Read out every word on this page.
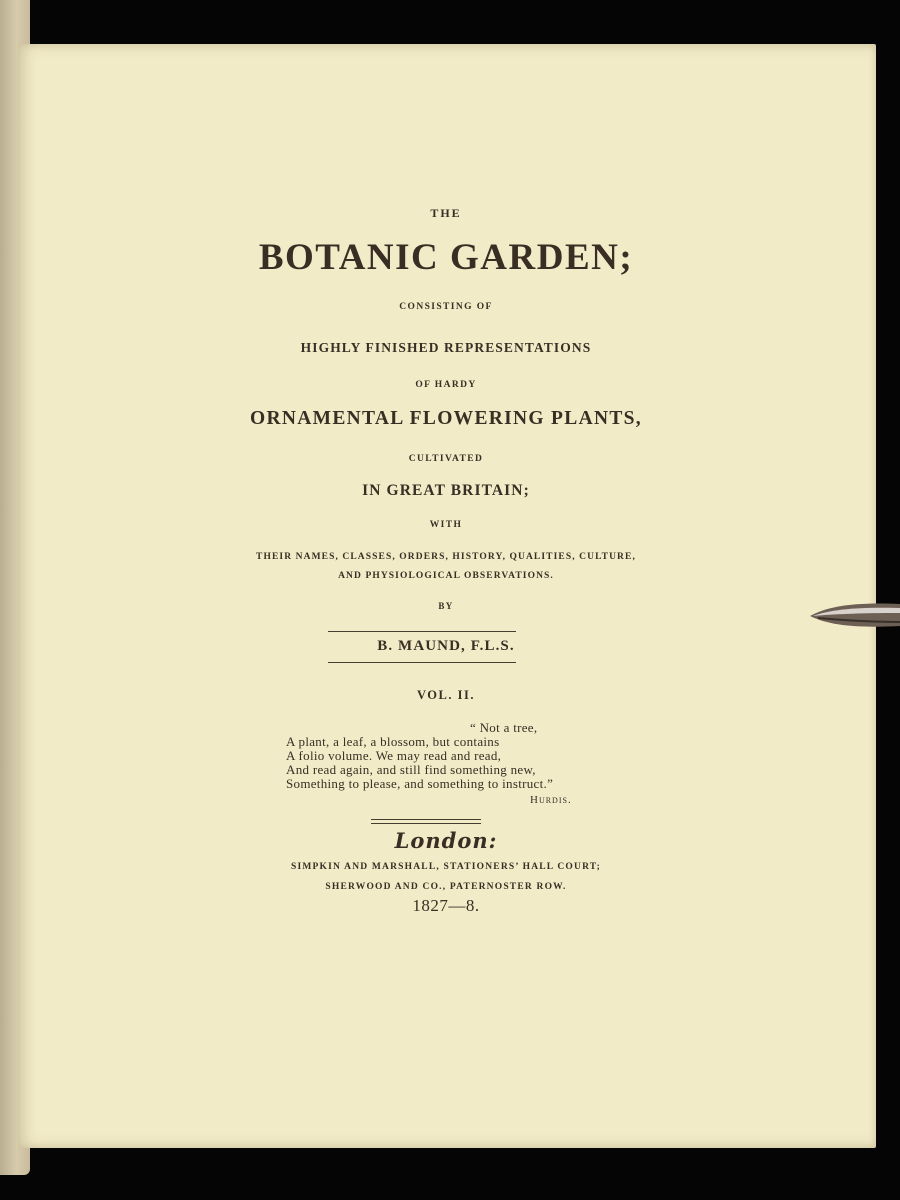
THE

BOTANIC GARDEN;

CONSISTING OF

HIGHLY FINISHED REPRESENTATIONS

OF HARDY

ORNAMENTAL FLOWERING PLANTS,

CULTIVATED

IN GREAT BRITAIN;

WITH

THEIR NAMES, CLASSES, ORDERS, HISTORY, QUALITIES, CULTURE,

AND PHYSIOLOGICAL OBSERVATIONS.

BY

B. MAUND, F.L.S.

VOL. II.

“ Not a tree,

A plant, a leaf, a blossom, but contains

A folio volume. We may read and read,

And read again, and still find something new,

Something to please, and something to instruct.”

Hurdis.

London:

SIMPKIN AND MARSHALL, STATIONERS’ HALL COURT;

SHERWOOD AND CO., PATERNOSTER ROW.

1827—8.
